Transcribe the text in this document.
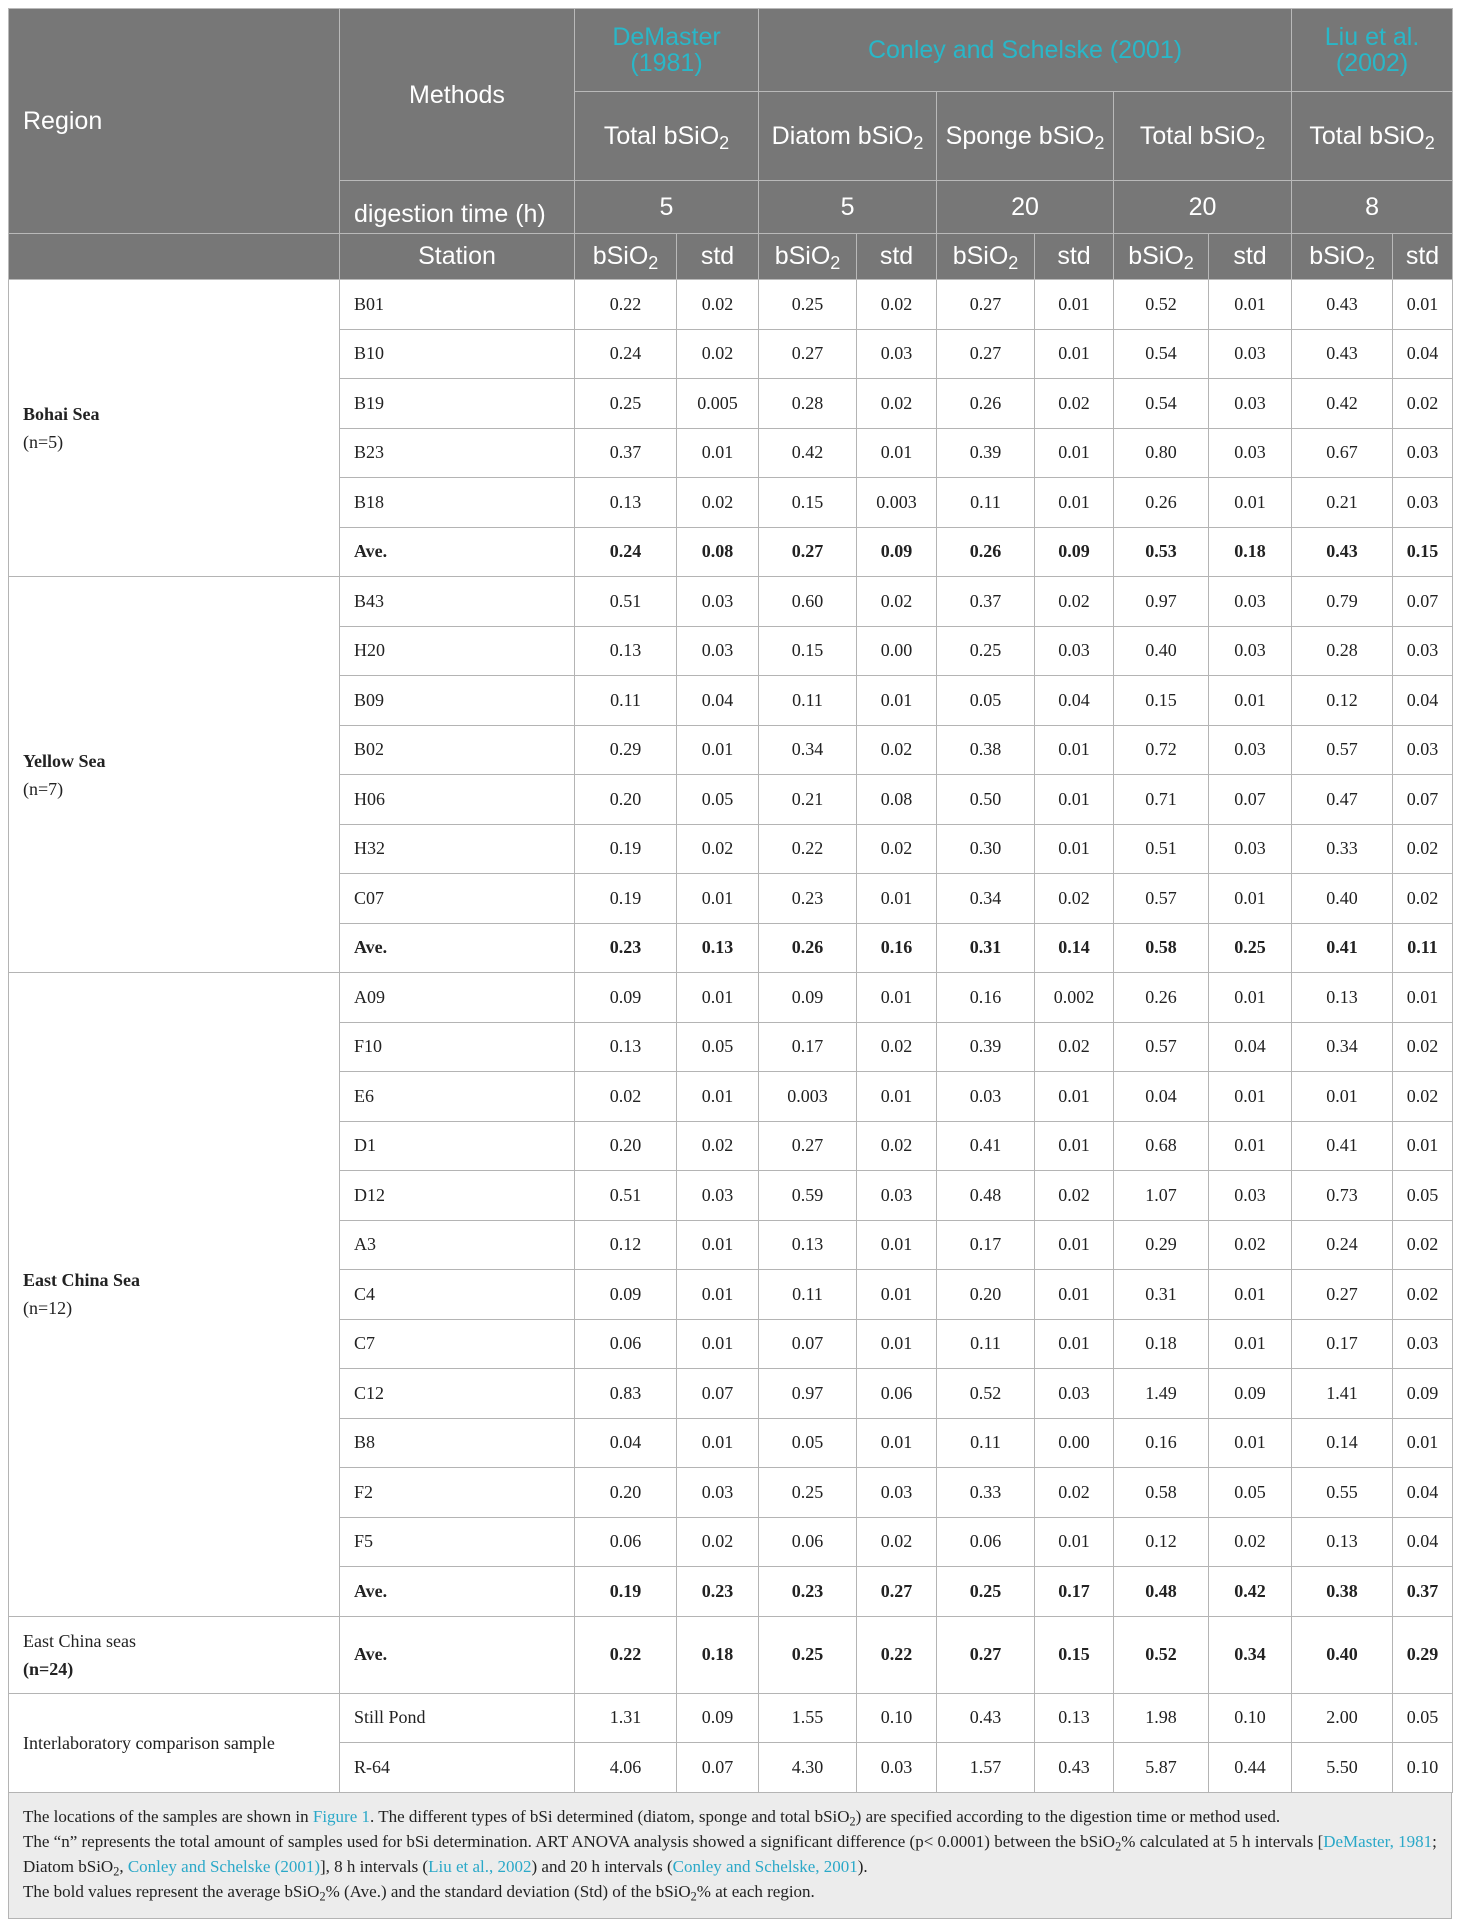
Region	Methods	DeMaster (1981)		Conley and Schelske (2001)						Liu et al. (2002)	
		Total bSiO$_2$		Diatom bSiO$_2$		Sponge bSiO$_2$		Total bSiO$_2$		Total bSiO$_2$
	digestion time (h)	5		5		20		20		8	
	Station	bSiO$_2$	std	bSiO$_2$	std	bSiO$_2$	std	bSiO$_2$	std	bSiO$_2$	std
Bohai Sea
(n=5)	B01	0.22	0.02	0.25	0.02	0.27	0.01	0.52	0.01	0.43	0.01
	B10	0.24	0.02	0.27	0.03	0.27	0.01	0.54	0.03	0.43	0.04
	B19	0.25	0.005	0.28	0.02	0.26	0.02	0.54	0.03	0.42	0.02
	B23	0.37	0.01	0.42	0.01	0.39	0.01	0.80	0.03	0.67	0.03
	B18	0.13	0.02	0.15	0.003	0.11	0.01	0.26	0.01	0.21	0.03
	Ave.	0.24	0.08	0.27	0.09	0.26	0.09	0.53	0.18	0.43	0.15
Yellow Sea
(n=7)	B43	0.51	0.03	0.60	0.02	0.37	0.02	0.97	0.03	0.79	0.07
	H20	0.13	0.03	0.15	0.00	0.25	0.03	0.40	0.03	0.28	0.03
	B09	0.11	0.04	0.11	0.01	0.05	0.04	0.15	0.01	0.12	0.04
	B02	0.29	0.01	0.34	0.02	0.38	0.01	0.72	0.03	0.57	0.03
	H06	0.20	0.05	0.21	0.08	0.50	0.01	0.71	0.07	0.47	0.07
	H32	0.19	0.02	0.22	0.02	0.30	0.01	0.51	0.03	0.33	0.02
	C07	0.19	0.01	0.23	0.01	0.34	0.02	0.57	0.01	0.40	0.02
	Ave.	0.23	0.13	0.26	0.16	0.31	0.14	0.58	0.25	0.41	0.11
East China Sea
(n=12)	A09	0.09	0.01	0.09	0.01	0.16	0.002	0.26	0.01	0.13	0.01
	F10	0.13	0.05	0.17	0.02	0.39	0.02	0.57	0.04	0.34	0.02
	E6	0.02	0.01	0.003	0.01	0.03	0.01	0.04	0.01	0.01	0.02
	D1	0.20	0.02	0.27	0.02	0.41	0.01	0.68	0.01	0.41	0.01
	D12	0.51	0.03	0.59	0.03	0.48	0.02	1.07	0.03	0.73	0.05
	A3	0.12	0.01	0.13	0.01	0.17	0.01	0.29	0.02	0.24	0.02
	C4	0.09	0.01	0.11	0.01	0.20	0.01	0.31	0.01	0.27	0.02
	C7	0.06	0.01	0.07	0.01	0.11	0.01	0.18	0.01	0.17	0.03
	C12	0.83	0.07	0.97	0.06	0.52	0.03	1.49	0.09	1.41	0.09
	B8	0.04	0.01	0.05	0.01	0.11	0.00	0.16	0.01	0.14	0.01
	F2	0.20	0.03	0.25	0.03	0.33	0.02	0.58	0.05	0.55	0.04
	F5	0.06	0.02	0.06	0.02	0.06	0.01	0.12	0.02	0.13	0.04
	Ave.	0.19	0.23	0.23	0.27	0.25	0.17	0.48	0.42	0.38	0.37
East China seas
(n=24)	Ave.	0.22	0.18	0.25	0.22	0.27	0.15	0.52	0.34	0.40	0.29
Interlaboratory comparison sample	Still Pond	1.31	0.09	1.55	0.10	0.43	0.13	1.98	0.10	2.00	0.05
	R-64	4.06	0.07	4.30	0.03	1.57	0.43	5.87	0.44	5.50	0.10

The locations of the samples are shown in Figure 1. The different types of bSi determined (diatom, sponge and total bSiO$_2$) are specified according to the digestion time or method used.

The “n” represents the total amount of samples used for bSi determination. ART ANOVA analysis showed a significant difference (p< 0.0001) between the bSiO$_2$% calculated at 5 h intervals [DeMaster, 1981; Diatom bSiO$_2$, Conley and Schelske (2001)], 8 h intervals (Liu et al., 2002) and 20 h intervals (Conley and Schelske, 2001).

The bold values represent the average bSiO$_2$% (Ave.) and the standard deviation (Std) of the bSiO$_2$% at each region.
